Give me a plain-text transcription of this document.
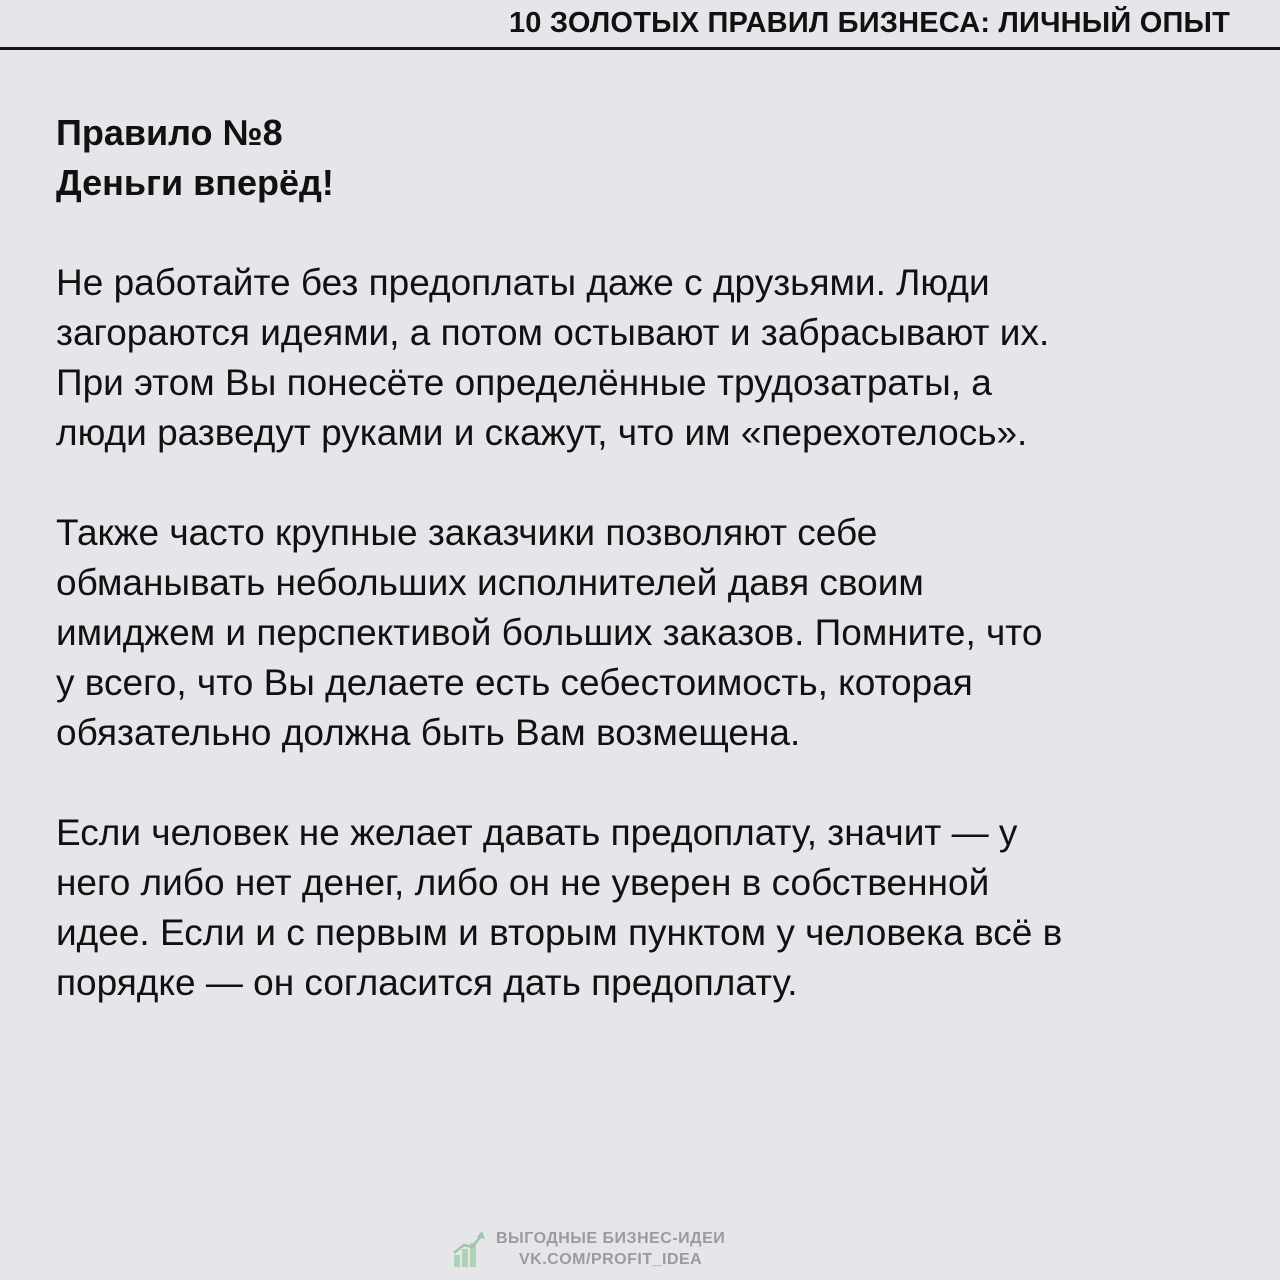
10 ЗОЛОТЫХ ПРАВИЛ БИЗНЕСА: ЛИЧНЫЙ ОПЫТ
Правило №8
Деньги вперёд!

Не работайте без предоплаты даже с друзьями. Люди
загораются идеями, а потом остывают и забрасывают их.
При этом Вы понесёте определённые трудозатраты, а
люди разведут руками и скажут, что им «перехотелось».

Также часто крупные заказчики позволяют себе
обманывать небольших исполнителей давя своим
имиджем и перспективой больших заказов. Помните, что
у всего, что Вы делаете есть себестоимость, которая
обязательно должна быть Вам возмещена.

Если человек не желает давать предоплату, значит — у
него либо нет денег, либо он не уверен в собственной
идее. Если и с первым и вторым пунктом у человека всё в
порядке — он согласится дать предоплату.

ВЫГОДНЫЕ БИЗНЕС-ИДЕИ
VK.COM/PROFIT_IDEA
